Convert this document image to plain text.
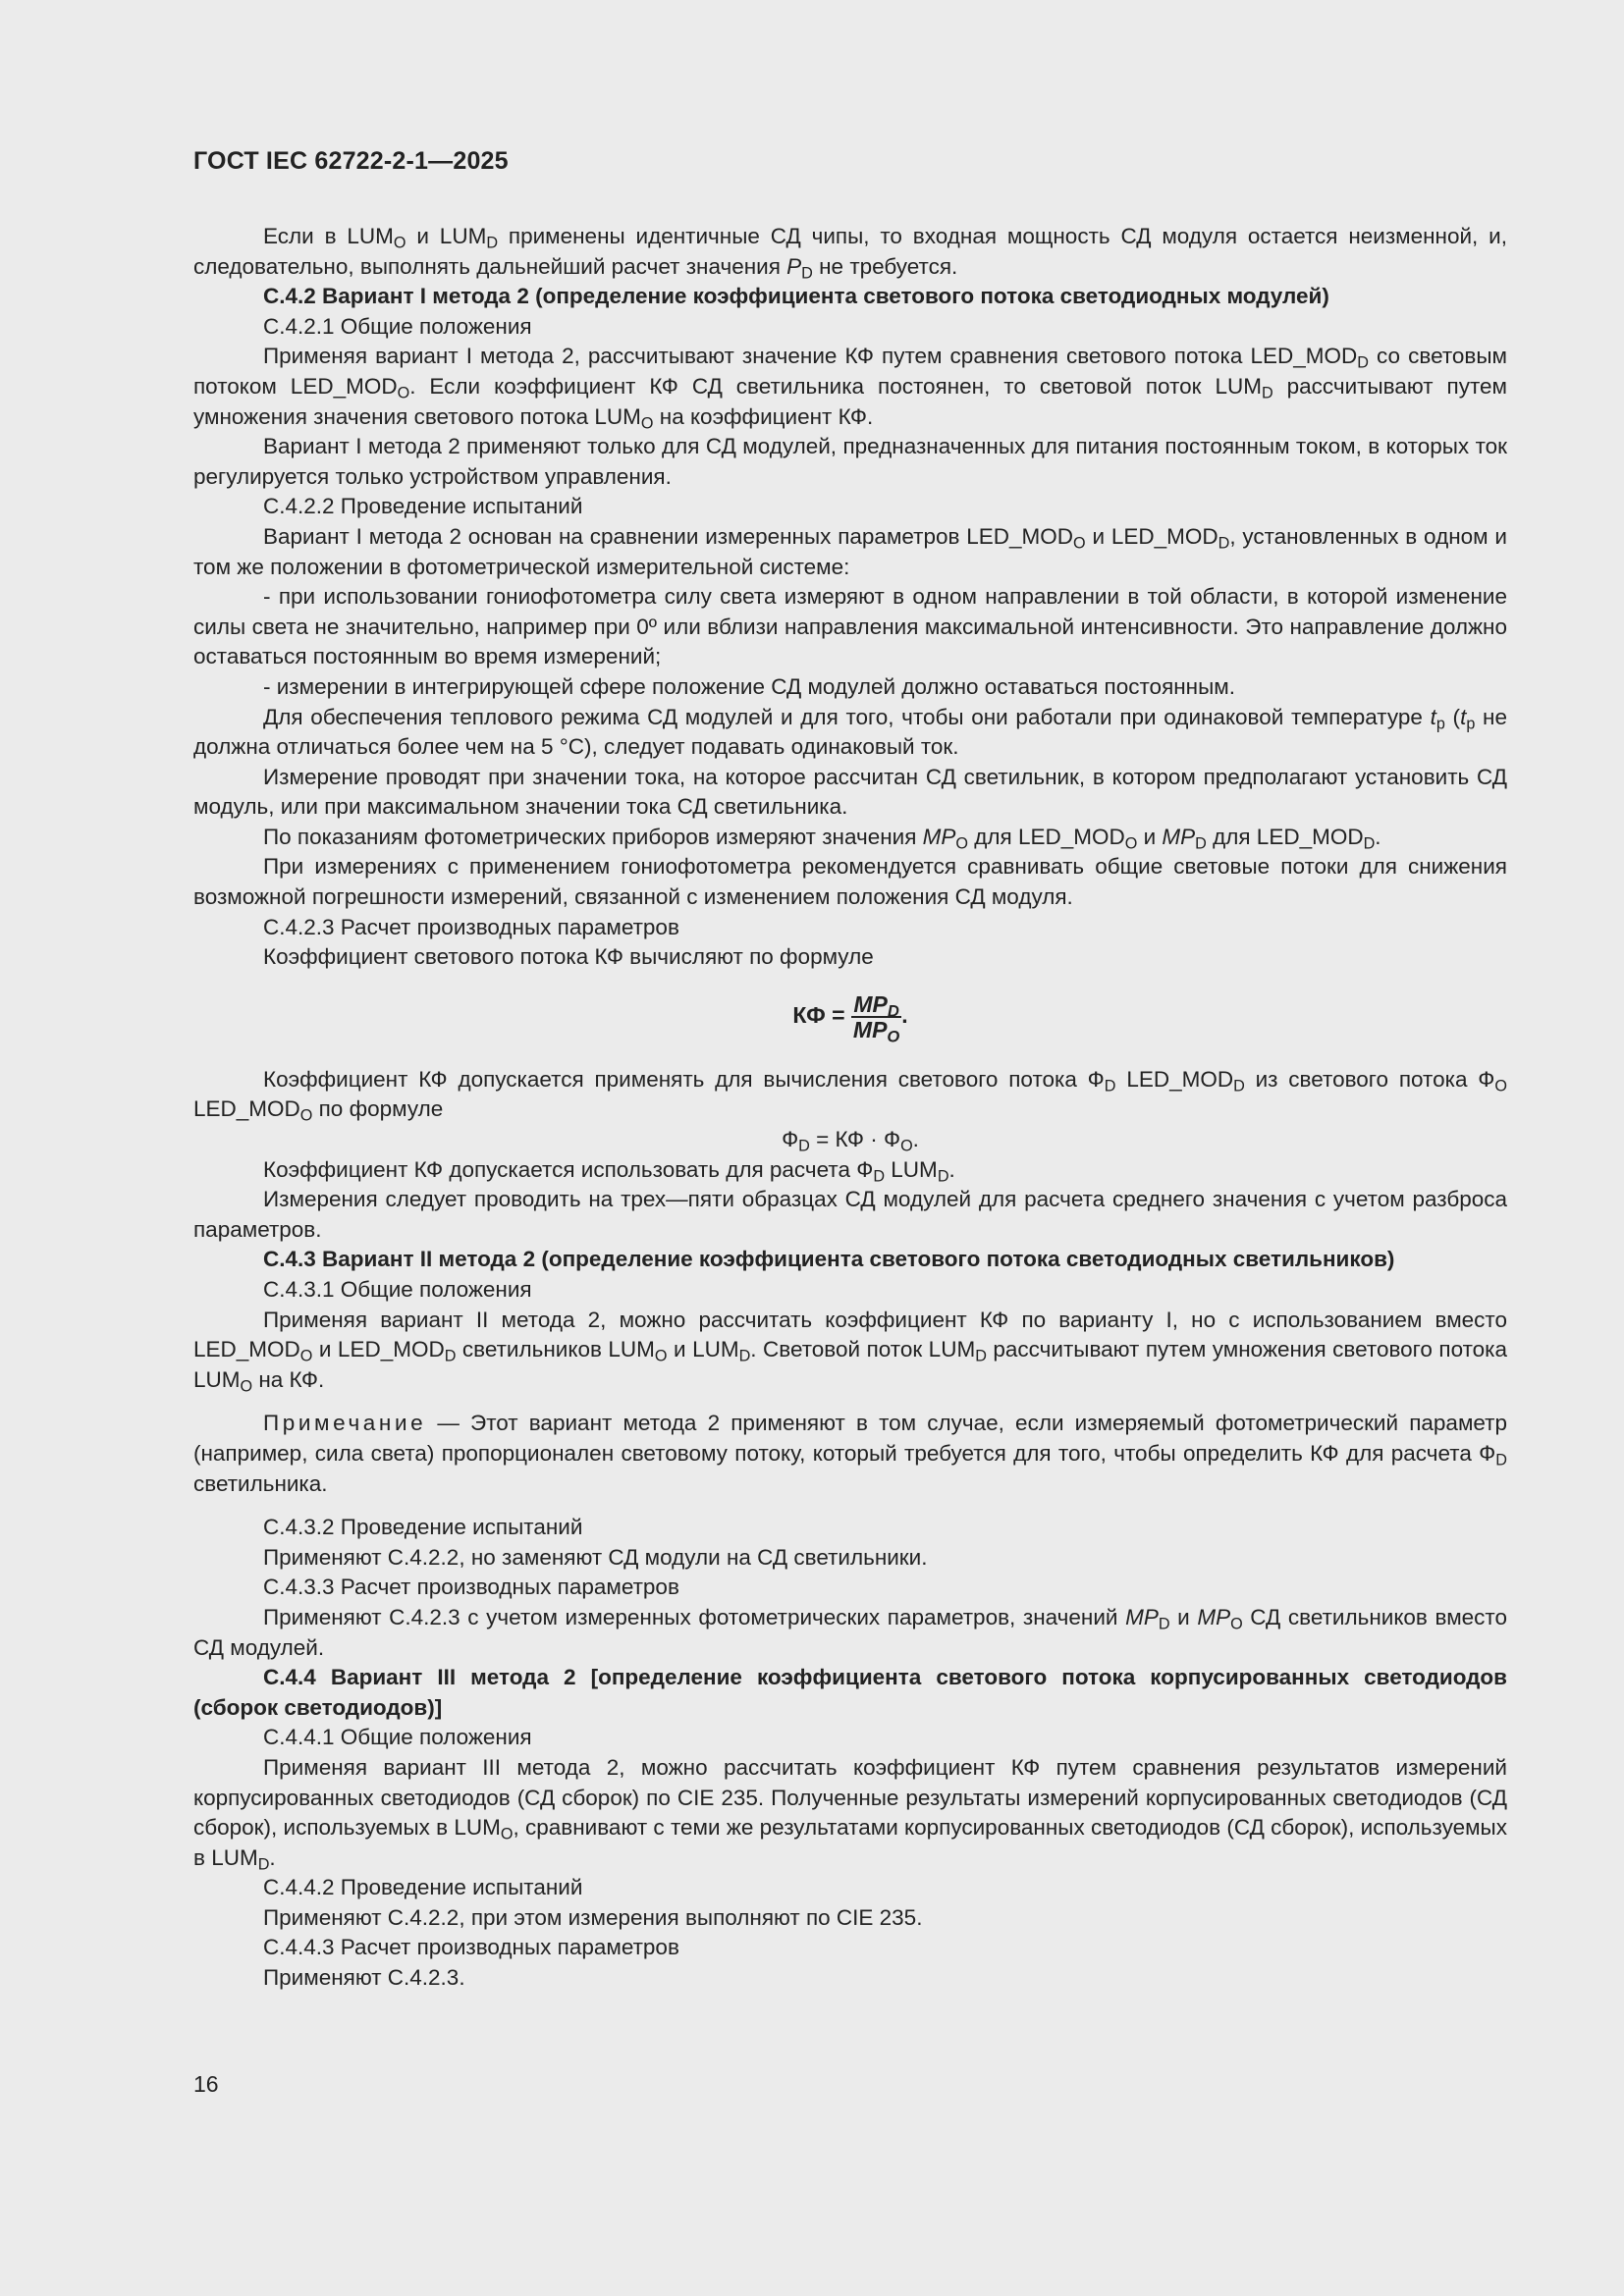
ГОСТ IEC 62722-2-1—2025

Если в $LUM_O$ и $LUM_D$ применены идентичные СД чипы, то входная мощность СД модуля остается неизменной, и, следовательно, выполнять дальнейший расчет значения $P_D$ не требуется.

С.4.2 Вариант I метода 2 (определение коэффициента светового потока светодиодных модулей)

С.4.2.1 Общие положения

Применяя вариант I метода 2, рассчитывают значение КФ путем сравнения светового потока $LED\_MOD_D$ со световым потоком $LED\_MOD_O$. Если коэффициент КФ СД светильника постоянен, то световой поток $LUM_D$ рассчитывают путем умножения значения светового потока $LUM_O$ на коэффициент КФ.

Вариант I метода 2 применяют только для СД модулей, предназначенных для питания постоянным током, в которых ток регулируется только устройством управления.

С.4.2.2 Проведение испытаний

Вариант I метода 2 основан на сравнении измеренных параметров $LED\_MOD_O$ и $LED\_MOD_D$, установленных в одном и том же положении в фотометрической измерительной системе:

- при использовании гониофотометра силу света измеряют в одном направлении в той области, в которой изменение силы света не значительно, например при 0º или вблизи направления максимальной интенсивности. Это направление должно оставаться постоянным во время измерений;

- измерении в интегрирующей сфере положение СД модулей должно оставаться постоянным.

Для обеспечения теплового режима СД модулей и для того, чтобы они работали при одинаковой температуре $t_p$ ($t_p$ не должна отличаться более чем на 5 °С), следует подавать одинаковый ток.

Измерение проводят при значении тока, на которое рассчитан СД светильник, в котором предполагают установить СД модуль, или при максимальном значении тока СД светильника.

По показаниям фотометрических приборов измеряют значения $MP_O$ для $LED\_MOD_O$ и $MP_D$ для $LED\_MOD_D$.

При измерениях с применением гониофотометра рекомендуется сравнивать общие световые потоки для снижения возможной погрешности измерений, связанной с изменением положения СД модуля.

С.4.2.3 Расчет производных параметров

Коэффициент светового потока КФ вычисляют по формуле

КФ = $\frac{MP_D}{MP_O}$ .

Коэффициент КФ допускается применять для вычисления светового потока $Ф_D$ $LED\_MOD_D$ из светового потока $Ф_O$ $LED\_MOD_O$ по формуле

$Ф_D$ = КФ · $Ф_O$.

Коэффициент КФ допускается использовать для расчета $Ф_D$ $LUM_D$.

Измерения следует проводить на трех—пяти образцах СД модулей для расчета среднего значения с учетом разброса параметров.

С.4.3 Вариант II метода 2 (определение коэффициента светового потока светодиодных светильников)

С.4.3.1 Общие положения

Применяя вариант II метода 2, можно рассчитать коэффициент КФ по варианту I, но с использованием вместо $LED\_MOD_O$ и $LED\_MOD_D$ светильников $LUM_O$ и $LUM_D$. Световой поток $LUM_D$ рассчитывают путем умножения светового потока $LUM_O$ на КФ.

Примечание — Этот вариант метода 2 применяют в том случае, если измеряемый фотометрический параметр (например, сила света) пропорционален световому потоку, который требуется для того, чтобы определить КФ для расчета $Ф_D$ светильника.

С.4.3.2 Проведение испытаний

Применяют С.4.2.2, но заменяют СД модули на СД светильники.

С.4.3.3 Расчет производных параметров

Применяют С.4.2.3 с учетом измеренных фотометрических параметров, значений $MP_D$ и $MP_O$ СД светильников вместо СД модулей.

С.4.4 Вариант III метода 2 [определение коэффициента светового потока корпусированных светодиодов (сборок светодиодов)]

С.4.4.1 Общие положения

Применяя вариант III метода 2, можно рассчитать коэффициент КФ путем сравнения результатов измерений корпусированных светодиодов (СД сборок) по CIE 235. Полученные результаты измерений корпусированных светодиодов (СД сборок), используемых в $LUM_O$, сравнивают с теми же результатами корпусированных светодиодов (СД сборок), используемых в $LUM_D$.

С.4.4.2 Проведение испытаний

Применяют С.4.2.2, при этом измерения выполняют по CIE 235.

С.4.4.3 Расчет производных параметров

Применяют С.4.2.3.

16
